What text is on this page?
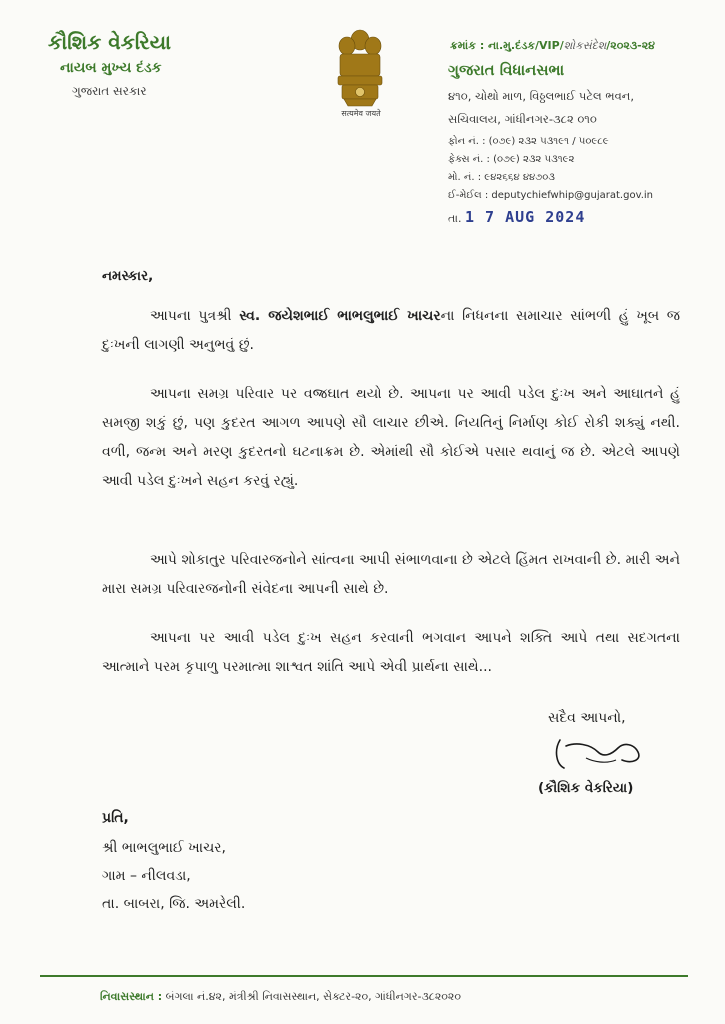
કૌશિક વેકરિયા
નાયબ મુખ્ય દંડક
ગુજરાત સરકાર
सत्यमेव जयते
ક્રમાંક : ના.મુ.દંડક/VIP/શોકસંદેશ/૨૦૨૩-૨૪
ગુજરાત વિધાનસભા
૪૧૦, ચોથો માળ, વિઠ્ઠલભાઈ પટેલ ભવન,
સચિવાલય, ગાંધીનગર-૩૮૨ ૦૧૦
ફોન નં. : (૦૭૯) ૨૩૨ ૫૩૧૯૧ / ૫૦૯૮૯
ફેક્સ નં. : (૦૭૯) ૨૩૨ ૫૩૧૯૨
મો. નં. : ૯૪૨૬૬૪ ૪૪૭૦૩
ઈ-મેઈલ : deputychiefwhip@gujarat.gov.in
તા. 1 7 AUG 2024
નમસ્કાર,
આપના પુત્રશ્રી સ્વ. જયેશભાઈ ભાભલુભાઈ ખાચરના નિધનના સમાચાર સાંભળી હું ખૂબ જ દુઃખની લાગણી અનુભવું છું.
આપના સમગ્ર પરિવાર પર વજ્રઘાત થયો છે. આપના પર આવી પડેલ દુઃખ અને આઘાતને હું સમજી શકું છું, પણ કુદરત આગળ આપણે સૌ લાચાર છીએ. નિયતિનું નિર્માણ કોઈ રોકી શક્યું નથી. વળી, જન્મ અને મરણ કુદરતનો ઘટનાક્રમ છે. એમાંથી સૌ કોઈએ પસાર થવાનું જ છે. એટલે આપણે આવી પડેલ દુઃખને સહન કરવું રહ્યું.
આપે શોકાતુર પરિવારજનોને સાંત્વના આપી સંભાળવાના છે એટલે હિંમત રાખવાની છે. મારી અને મારા સમગ્ર પરિવારજનોની સંવેદના આપની સાથે છે.
આપના પર આવી પડેલ દુઃખ સહન કરવાની ભગવાન આપને શક્તિ આપે તથા સદગતના આત્માને પરમ કૃપાળુ પરમાત્મા શાશ્વત શાંતિ આપે એવી પ્રાર્થના સાથે...
સદૈવ આપનો,
(કૌશિક વેકરિયા)
પ્રતિ,
શ્રી ભાભલુભાઈ ખાચર,
ગામ – નીલવડા,
તા. બાબરા, જિ. અમરેલી.
નિવાસસ્થાન : બંગલા નં.૪૨, મંત્રીશ્રી નિવાસસ્થાન, સેક્ટર-૨૦, ગાંધીનગર-૩૮૨૦૨૦
